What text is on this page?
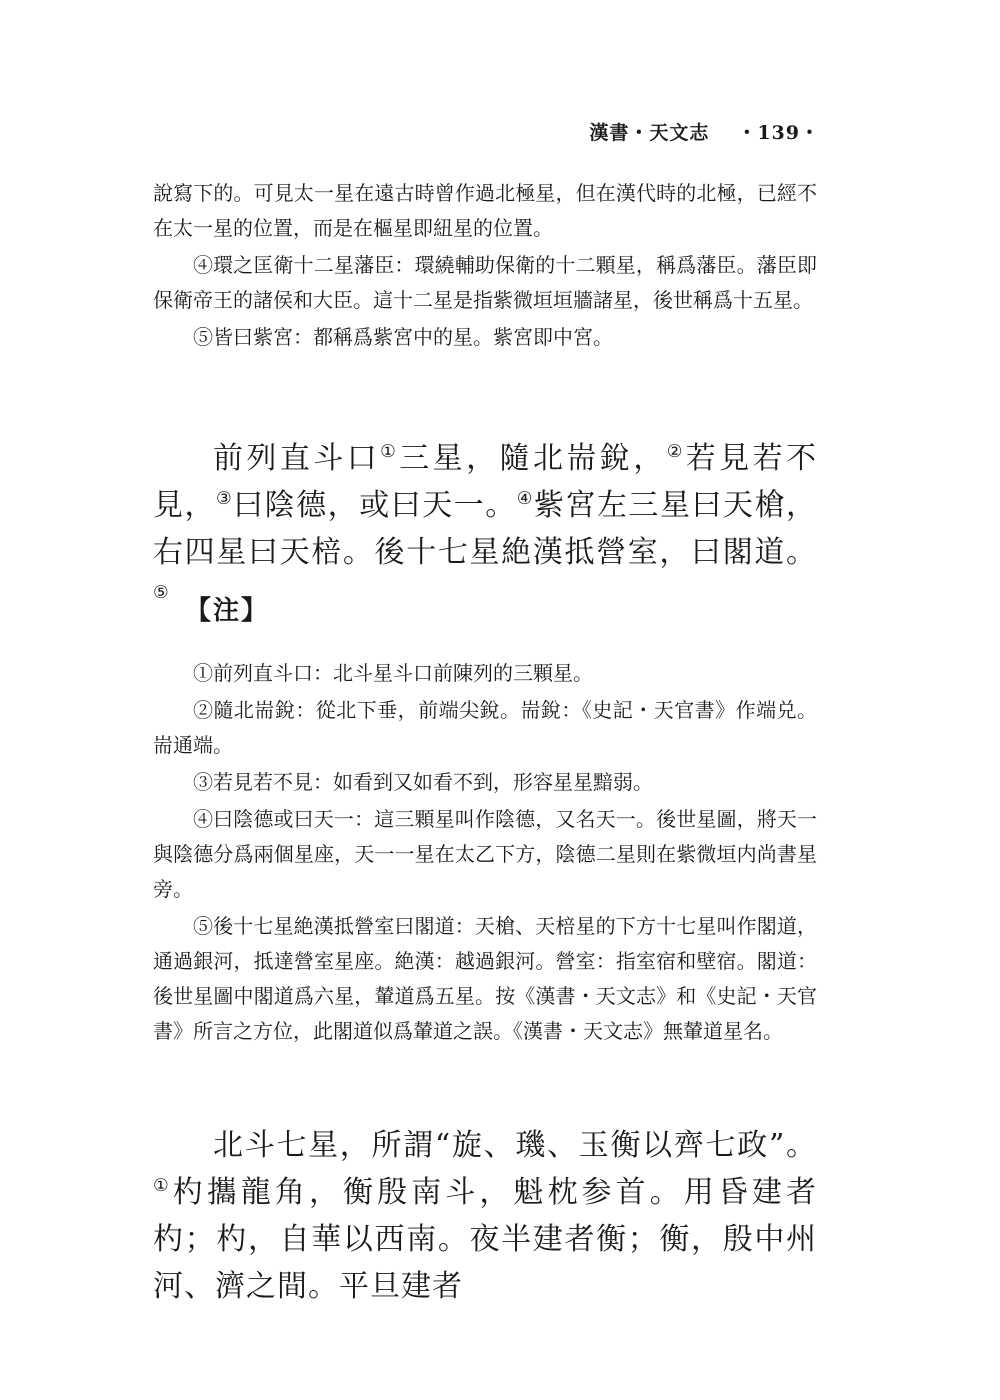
漢書・天文志 ・139・

說寫下的。可見太一星在遠古時曾作過北極星，但在漢代時的北極，已經不在太一星的位置，而是在樞星即紐星的位置。

④環之匡衛十二星藩臣：環繞輔助保衛的十二顆星，稱爲藩臣。藩臣即保衛帝王的諸侯和大臣。這十二星是指紫微垣垣牆諸星，後世稱爲十五星。

⑤皆曰紫宮：都稱爲紫宮中的星。紫宮即中宮。

前列直斗口①三星，隨北耑銳，②若見若不見，③曰陰德，或曰天一。④紫宮左三星曰天槍，右四星曰天棓。後十七星絶漢抵營室，曰閣道。⑤

【注】

①前列直斗口：北斗星斗口前陳列的三顆星。

②隨北耑銳：從北下垂，前端尖銳。耑銳：《史記・天官書》作端兑。耑通端。

③若見若不見：如看到又如看不到，形容星星黯弱。

④曰陰德或曰天一：這三顆星叫作陰德，又名天一。後世星圖，將天一與陰德分爲兩個星座，天一一星在太乙下方，陰德二星則在紫微垣内尚書星旁。

⑤後十七星絶漢抵營室曰閣道：天槍、天棓星的下方十七星叫作閣道，通過銀河，抵達營室星座。絶漢：越過銀河。營室：指室宿和壁宿。閣道：後世星圖中閣道爲六星，輦道爲五星。按《漢書・天文志》和《史記・天官書》所言之方位，此閣道似爲輦道之誤。《漢書・天文志》無輦道星名。

北斗七星，所謂“旋、璣、玉衡以齊七政”。①杓攜龍角，衡殷南斗，魁枕参首。用昏建者杓；杓，自華以西南。夜半建者衡；衡，殷中州河、濟之間。平旦建者
